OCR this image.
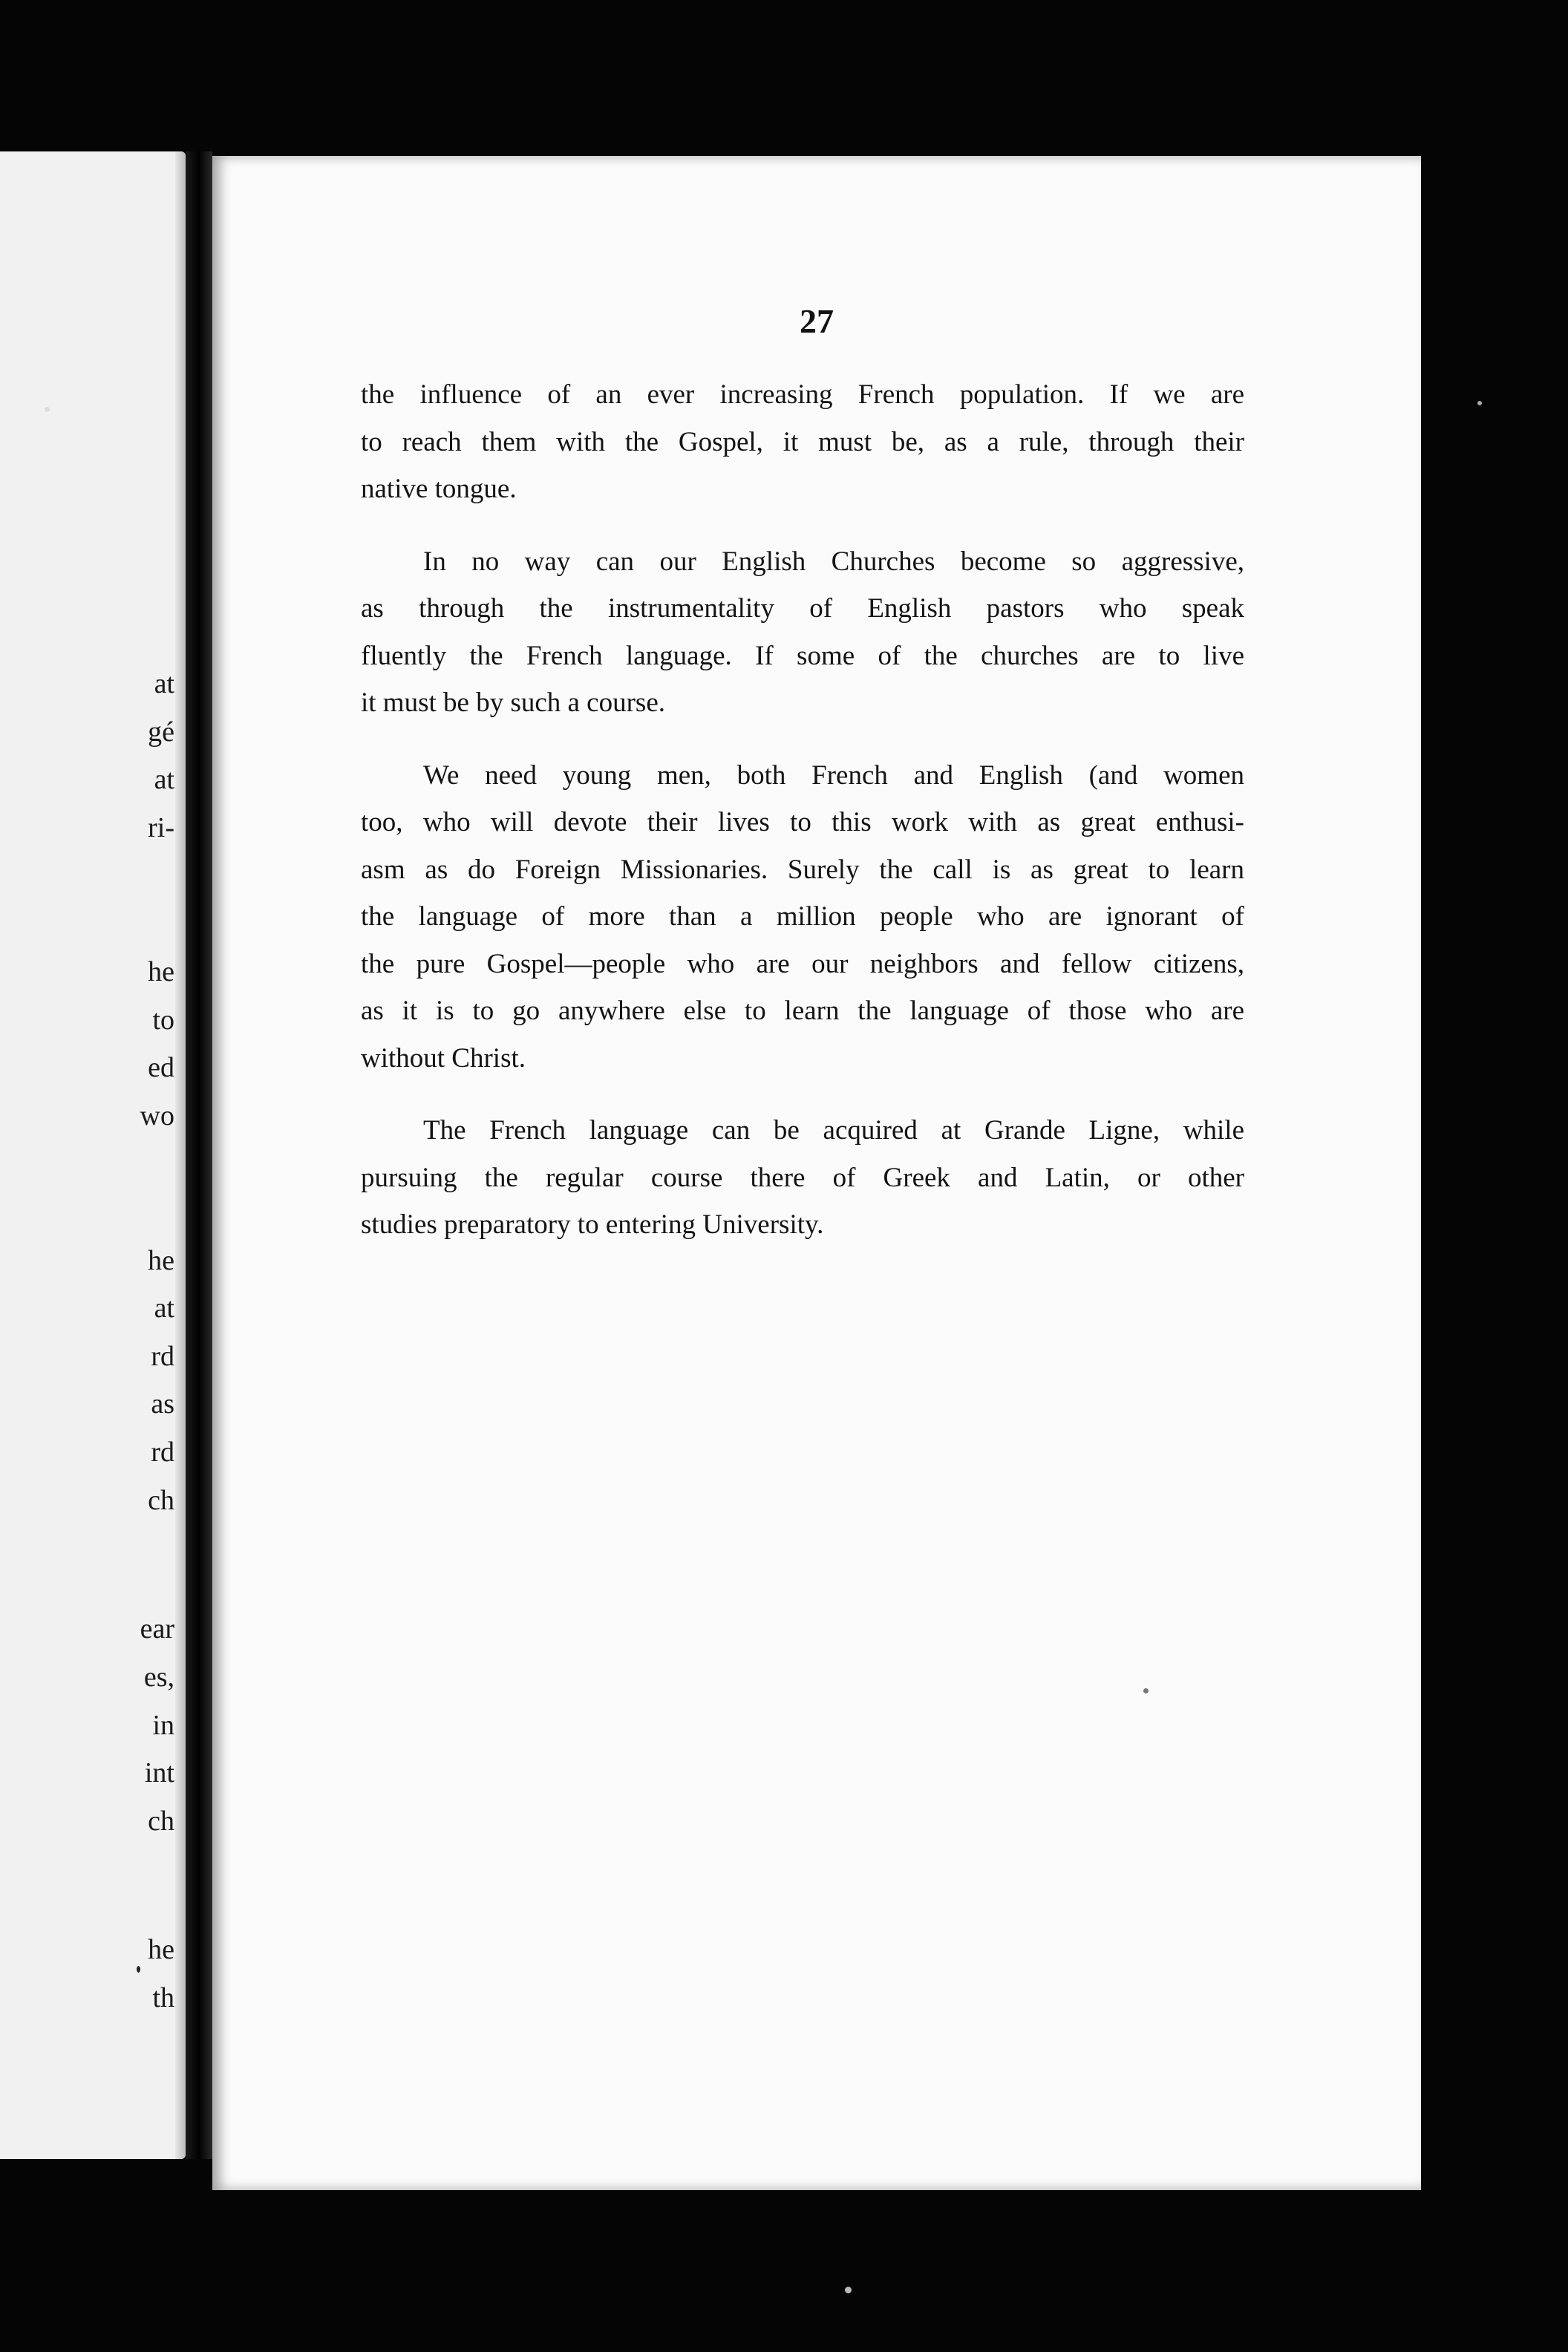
at
gé
at
ri-
he
to
ed
wo
he
at
rd
as
rd
ch
ear
es,
in
int
ch
he
th
27

the influence of an ever increasing French population. If we are
to reach them with the Gospel, it must be, as a rule, through their
native tongue.

In no way can our English Churches become so aggressive,
as through the instrumentality of English pastors who speak
fluently the French language. If some of the churches are to live
it must be by such a course.

We need young men, both French and English (and women
too, who will devote their lives to this work with as great enthusi-
asm as do Foreign Missionaries. Surely the call is as great to learn
the language of more than a million people who are ignorant of
the pure Gospel—people who are our neighbors and fellow citizens,
as it is to go anywhere else to learn the language of those who are
without Christ.

The French language can be acquired at Grande Ligne, while
pursuing the regular course there of Greek and Latin, or other
studies preparatory to entering University.
